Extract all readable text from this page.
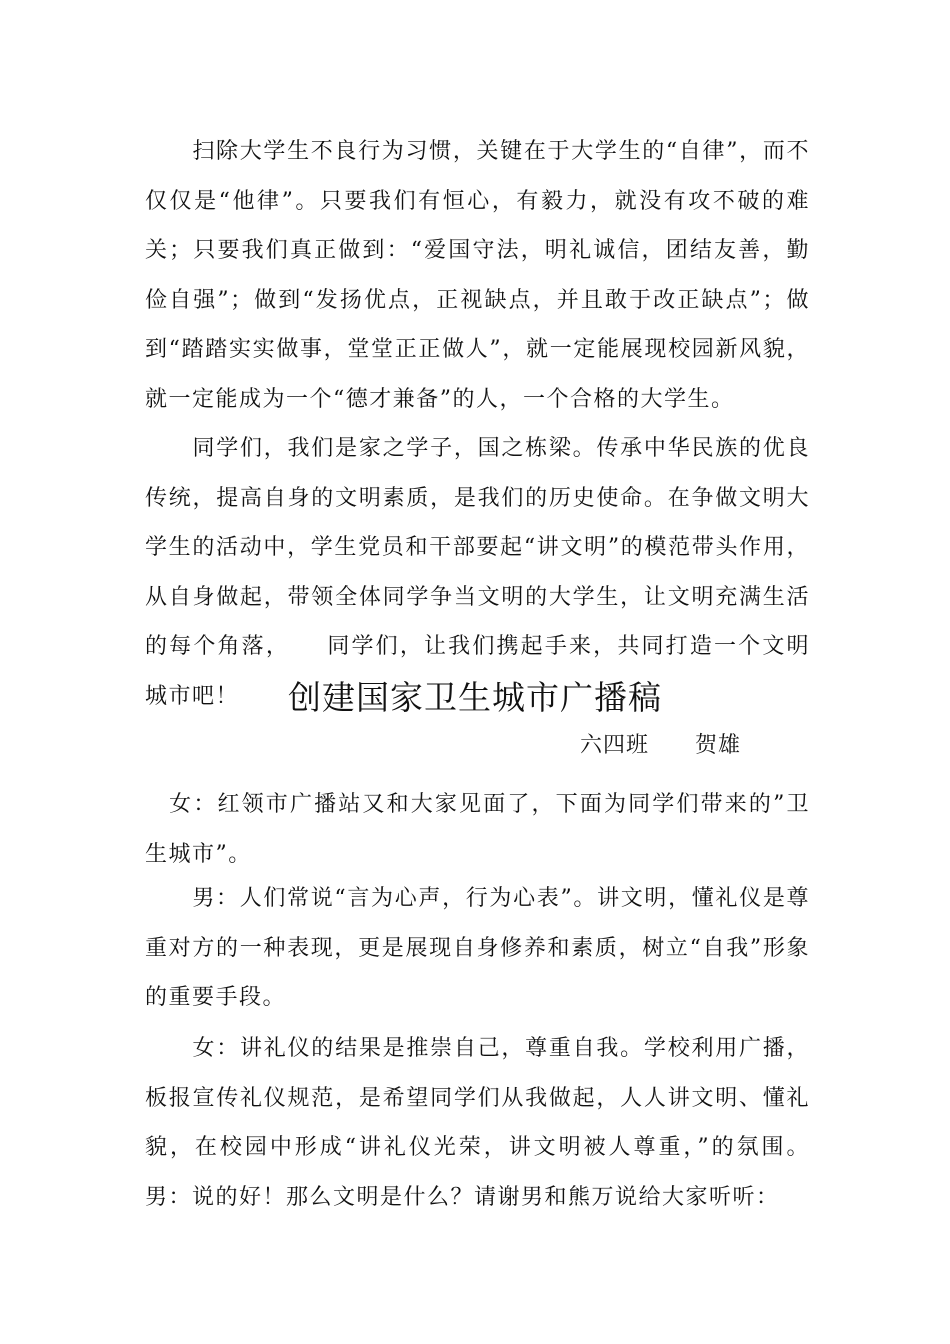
　　扫除大学生不良行为习惯，关键在于大学生的“自律”，而不仅仅是“他律”。只要我们有恒心，有毅力，就没有攻不破的难关；只要我们真正做到：“爱国守法，明礼诚信，团结友善，勤俭自强”；做到“发扬优点，正视缺点，并且敢于改正缺点”；做到“踏踏实实做事，堂堂正正做人”，就一定能展现校园新风貌，就一定能成为一个“德才兼备”的人，一个合格的大学生。
　　同学们，我们是家之学子，国之栋梁。传承中华民族的优良传统，提高自身的文明素质，是我们的历史使命。在争做文明大学生的活动中，学生党员和干部要起“讲文明”的模范带头作用，从自身做起，带领全体同学争当文明的大学生，让文明充满生活的每个角落，　　同学们，让我们携起手来，共同打造一个文明城市吧！	创建国家卫生城市广播稿
六四班　　贺雄
　女：红领市广播站又和大家见面了，下面为同学们带来的”卫生城市”。
　　男：人们常说“言为心声，行为心表”。讲文明，懂礼仪是尊重对方的一种表现，更是展现自身修养和素质，树立“自我”形象的重要手段。
　　女：讲礼仪的结果是推崇自己，尊重自我。学校利用广播，板报宣传礼仪规范，是希望同学们从我做起，人人讲文明、懂礼貌，在校园中形成“讲礼仪光荣，讲文明被人尊重，”的氛围。男：说的好！那么文明是什么？请谢男和熊万说给大家听听：
